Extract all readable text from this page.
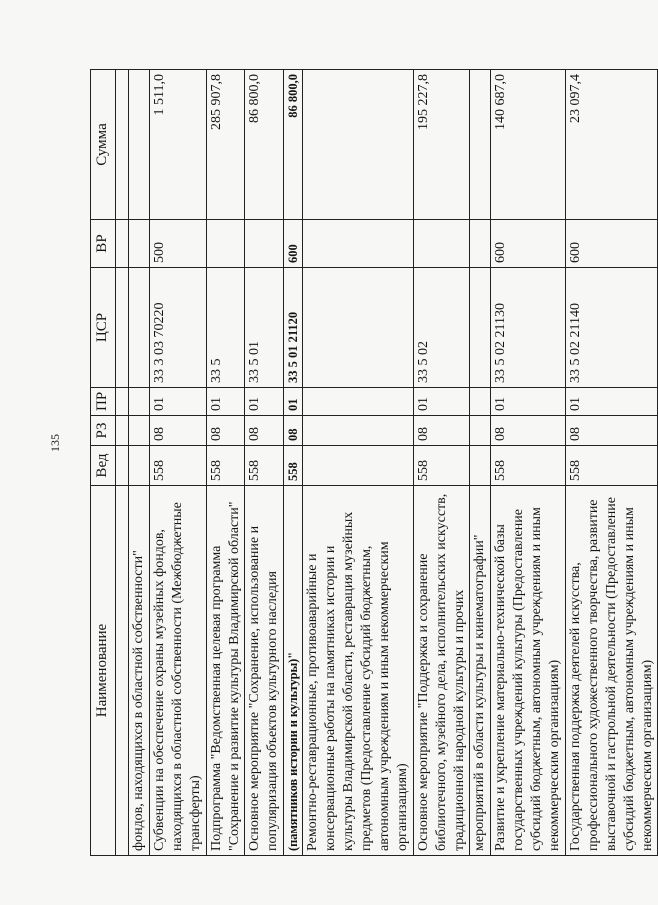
135
Наименование	Вед	РЗ	ПР	ЦСР	ВР	Сумма

фондов, находящихся в областной собственности"						
Субвенции на обеспечение охраны музейных фондов, находящихся в областной собственности (Межбюджетные трансферты)	558	08	01	33 3 03 70220	500	1 511,0
Подпрограмма "Ведомственная целевая программа "Сохранение и развитие культуры Владимирской области"	558	08	01	33 5		285 907,8
Основное мероприятие "Сохранение, использование и популяризация объектов культурного наследия	558	08	01	33 5 01		86 800,0
(памятников истории и культуры)"	558	08	01	33 5 01 21120	600	86 800,0
Ремонтно-реставрационные, противоаварийные и консервационные работы на памятниках истории и культуры Владимирской области, реставрация музейных предметов (Предоставление субсидий бюджетным, автономным учреждениям и иным некоммерческим организациям)						
Основное мероприятие "Поддержка и сохранение библиотечного, музейного дела, исполнительских искусств, традиционной народной культуры и прочих	558	08	01	33 5 02		195 227,8
мероприятий в области культуры и кинематографии"						
Развитие и укрепление материально-технической базы государственных учреждений культуры (Предоставление субсидий бюджетным, автономным учреждениям и иным некоммерческим организациям)	558	08	01	33 5 02 21130	600	140 687,0
Государственная поддержка деятелей искусства, профессионального художественного творчества, развитие выставочной и гастрольной деятельности (Предоставление субсидий бюджетным, автономным учреждениям и иным некоммерческим организациям)	558	08	01	33 5 02 21140	600	23 097,4
